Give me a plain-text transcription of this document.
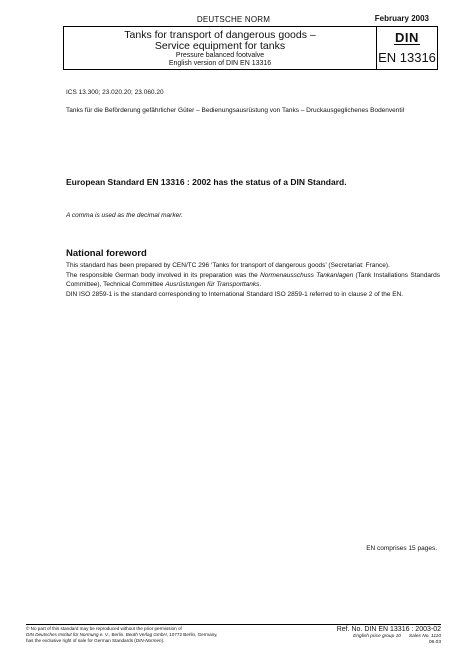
DEUTSCHE NORM	February 2003
Tanks for transport of dangerous goods –
Service equipment for tanks
Pressure balanced footvalve
English version of DIN EN 13316
DIN
EN 13316
ICS 13.300; 23.020.20; 23.060.20
Tanks für die Beförderung gefährlicher Güter – Bedienungsausrüstung von Tanks – Druckausgeglichenes Bodenventil
European Standard EN 13316 : 2002 has the status of a DIN Standard.
A comma is used as the decimal marker.
National foreword

This standard has been prepared by CEN/TC 296 ‘Tanks for transport of dangerous goods’ (Secretariat: France).

The responsible German body involved in its preparation was the Normenausschuss Tankanlagen (Tank Installations Standards Committee), Technical Committee Ausrüstungen für Transporttanks.

DIN ISO 2859-1 is the standard corresponding to International Standard ISO 2859-1 referred to in clause 2 of the EN.

EN comprises 15 pages.
© No part of this standard may be reproduced without the prior permission of
DIN Deutsches Institut für Normung e. V., Berlin. Beuth Verlag GmbH, 10772 Berlin, Germany,
has the exclusive right of sale for German Standards (DIN-Normen).
Ref. No. DIN EN 13316 : 2003-02
English price group 10 Sales No. 1110
06.03
